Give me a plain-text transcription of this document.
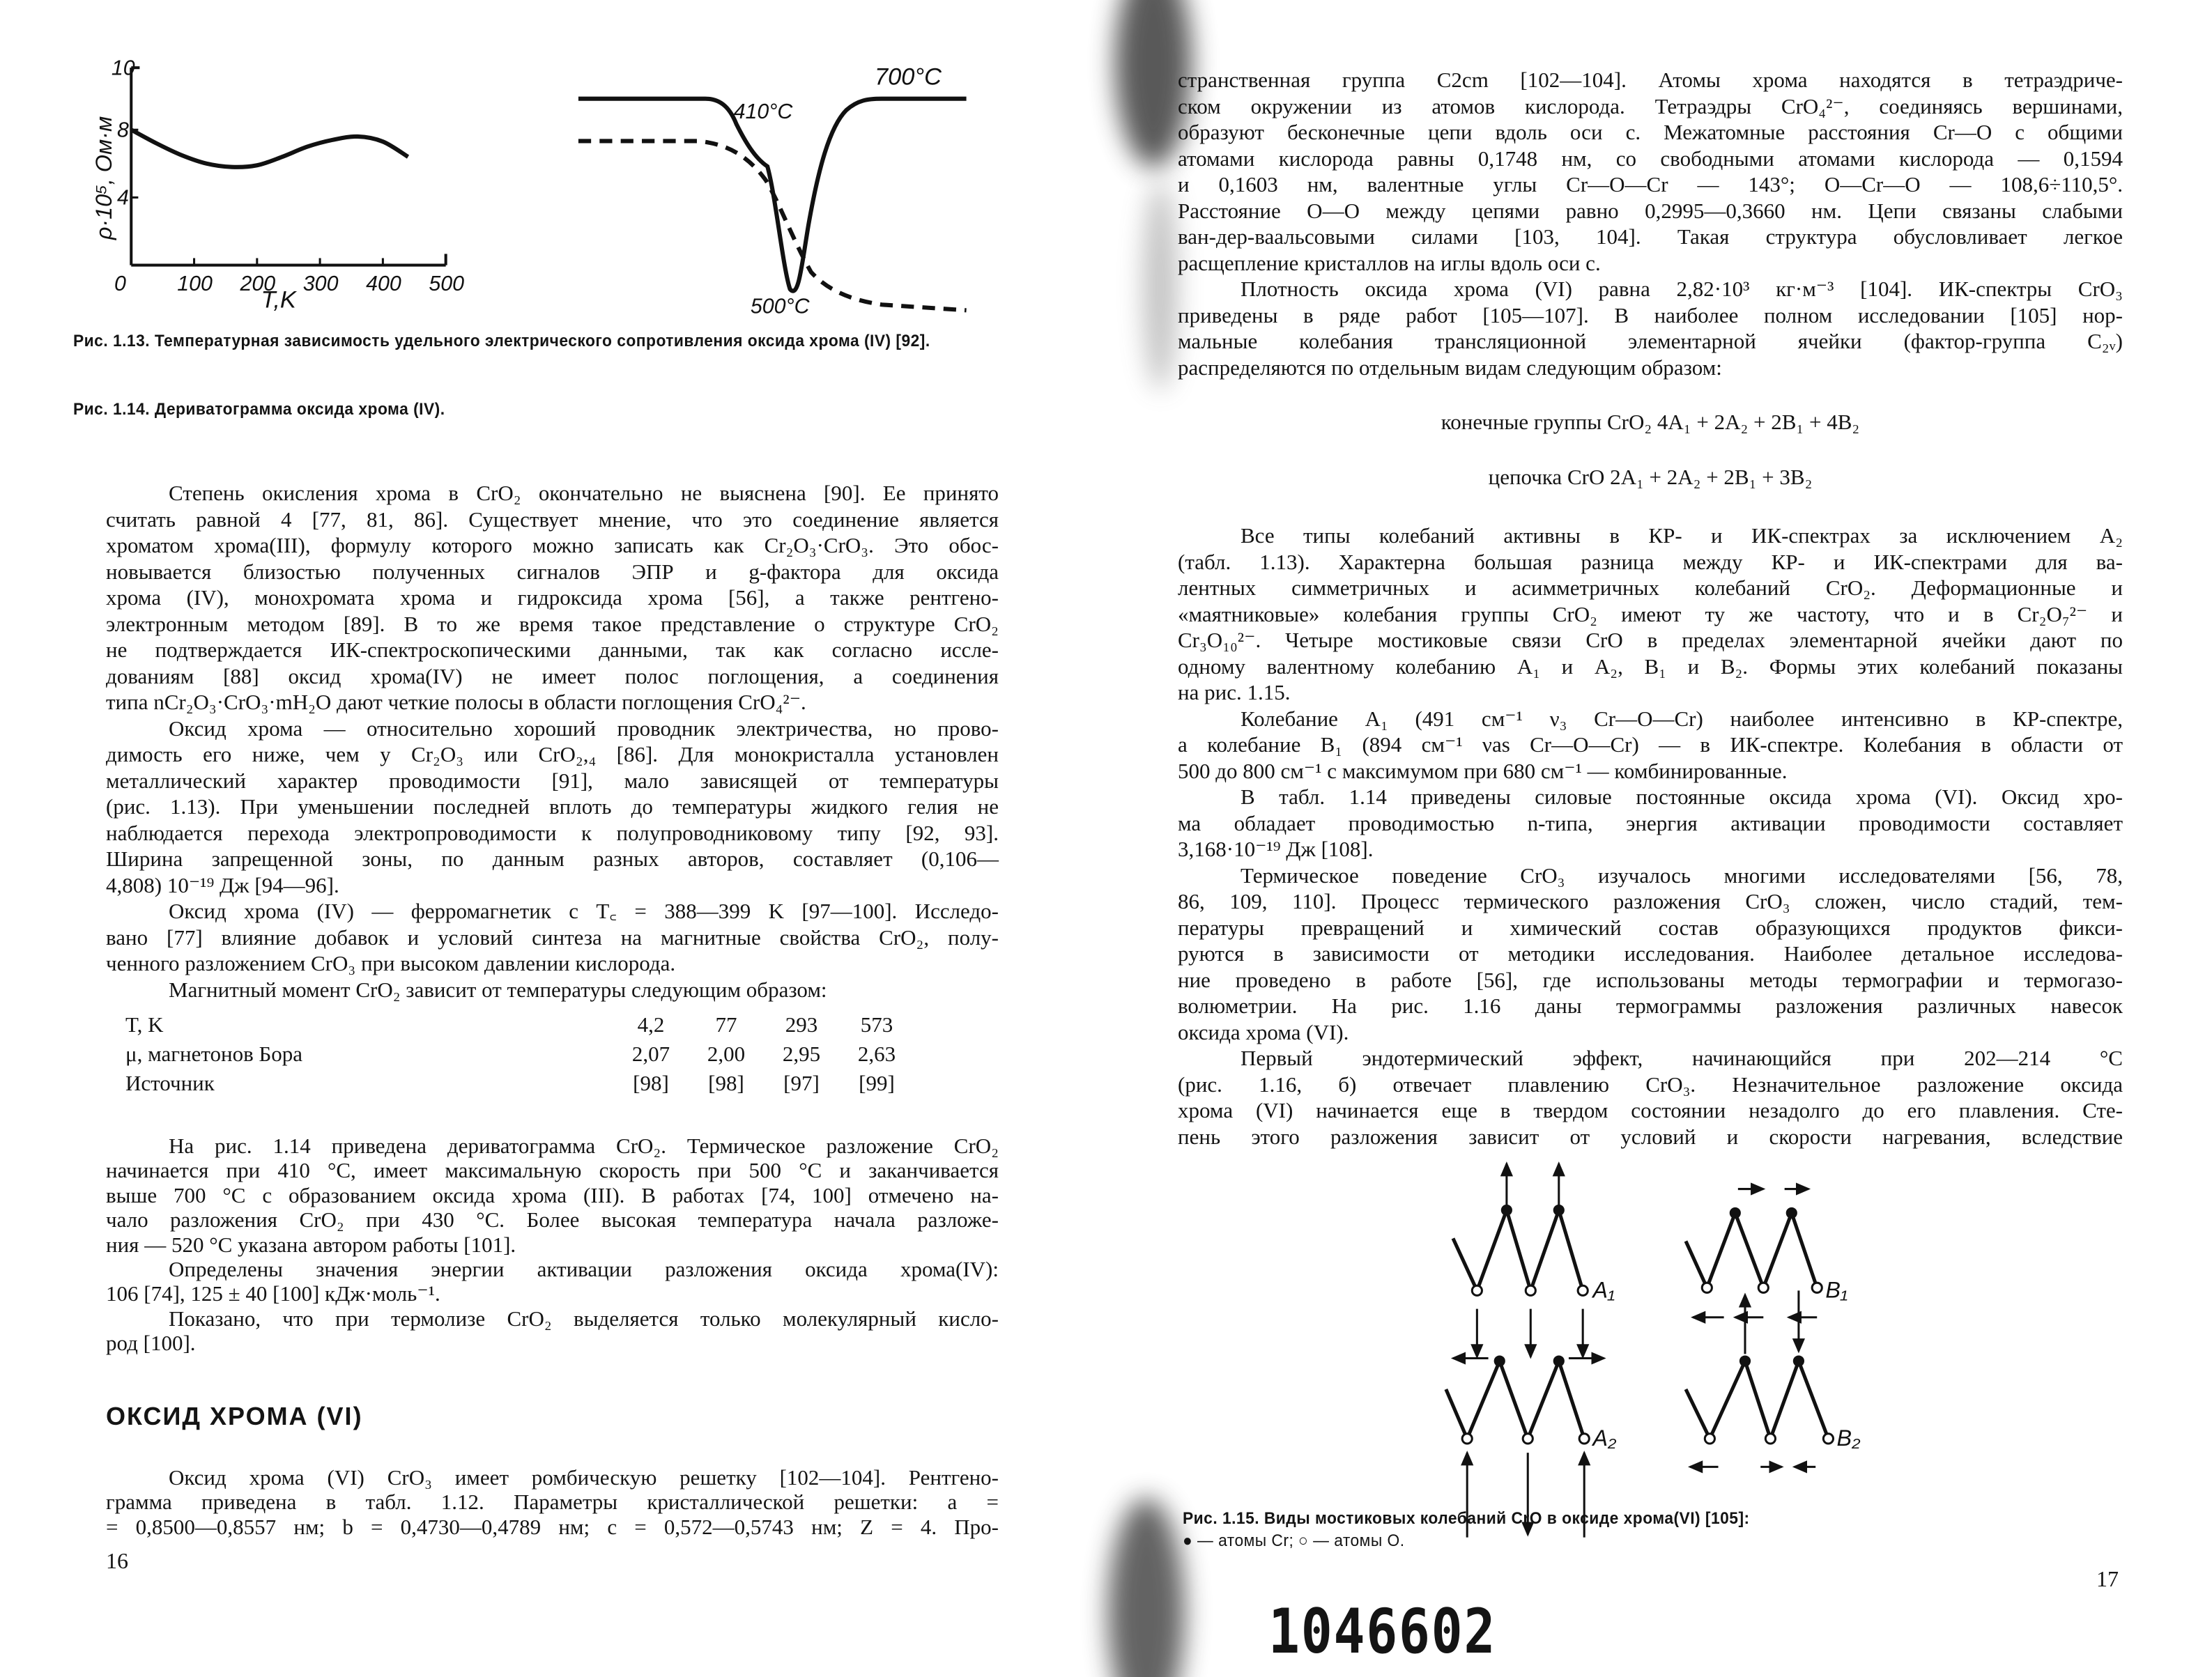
0	100	200	300	400	500
4
8
10
T,K
ρ·10⁵, Ом·м
410°C
500°C
700°C
A₁	B₁
A₂	B₂
Рис. 1.13. Температурная зависимость удельного электрического сопротивления оксида хрома (IV) [92].
Рис. 1.14. Дериватограмма оксида хрома (IV).
Степень окисления хрома в CrO₂ окончательно не выяснена [90]. Ее принято
считать равной 4 [77, 81, 86]. Существует мнение, что это соединение является
хроматом хрома(III), формулу которого можно записать как Cr₂O₃·CrO₃. Это обос-
новывается близостью полученных сигналов ЭПР и g-фактора для оксида
хрома (IV), монохромата хрома и гидроксида хрома [56], а также рентгено-
электронным методом [89]. В то же время такое представление о структуре CrO₂
не подтверждается ИК-спектроскопическими данными, так как согласно иссле-
дованиям [88] оксид хрома(IV) не имеет полос поглощения, а соединения
типа nCr₂O₃·CrO₃·mH₂O дают четкие полосы в области поглощения CrO₄²⁻.
Оксид хрома — относительно хороший проводник электричества, но прово-
димость его ниже, чем у Cr₂O₃ или CrO₂,₄ [86]. Для монокристалла установлен
металлический характер проводимости [91], мало зависящей от температуры
(рис. 1.13). При уменьшении последней вплоть до температуры жидкого гелия не
наблюдается перехода электропроводимости к полупроводниковому типу [92, 93].
Ширина запрещенной зоны, по данным разных авторов, составляет (0,106—
4,808) 10⁻¹⁹ Дж [94—96].
Оксид хрома (IV) — ферромагнетик с T꜀ = 388—399 K [97—100]. Исследо-
вано [77] влияние добавок и условий синтеза на магнитные свойства CrO₂, полу-
ченного разложением CrO₃ при высоком давлении кислорода.
Магнитный момент CrO₂ зависит от температуры следующим образом:
T, K	4,2	77	293	573
μ, магнетонов Бора	2,07	2,00	2,95	2,63
Источник	[98]	[98]	[97]	[99]
На рис. 1.14 приведена дериватограмма CrO₂. Термическое разложение CrO₂
начинается при 410 °C, имеет максимальную скорость при 500 °C и заканчивается
выше 700 °C с образованием оксида хрома (III). В работах [74, 100] отмечено на-
чало разложения CrO₂ при 430 °C. Более высокая температура начала разложе-
ния — 520 °C указана автором работы [101].
Определены значения энергии активации разложения оксида хрома(IV):
106 [74], 125 ± 40 [100] кДж·моль⁻¹.
Показано, что при термолизе CrO₂ выделяется только молекулярный кисло-
род [100].
ОКСИД ХРОМА (VI)
Оксид хрома (VI) CrO₃ имеет ромбическую решетку [102—104]. Рентгено-
грамма приведена в табл. 1.12. Параметры кристаллической решетки: a =
= 0,8500—0,8557 нм; b = 0,4730—0,4789 нм; c = 0,572—0,5743 нм; Z = 4. Про-
16
странственная группа C2cm [102—104]. Атомы хрома находятся в тетраэдриче-
ском окружении из атомов кислорода. Тетраэдры CrO₄²⁻, соединяясь вершинами,
образуют бесконечные цепи вдоль оси c. Межатомные расстояния Cr—O с общими
атомами кислорода равны 0,1748 нм, со свободными атомами кислорода — 0,1594
и 0,1603 нм, валентные углы Cr—O—Cr — 143°; O—Cr—O — 108,6÷110,5°.
Расстояние O—O между цепями равно 0,2995—0,3660 нм. Цепи связаны слабыми
ван-дер-ваальсовыми силами [103, 104]. Такая структура обусловливает легкое
расщепление кристаллов на иглы вдоль оси c.
Плотность оксида хрома (VI) равна 2,82·10³ кг·м⁻³ [104]. ИК-спектры CrO₃
приведены в ряде работ [105—107]. В наиболее полном исследовании [105] нор-
мальные колебания трансляционной элементарной ячейки (фактор-группа C₂ᵥ)
распределяются по отдельным видам следующим образом:
конечные группы CrO₂ 4A₁ + 2A₂ + 2B₁ + 4B₂
цепочка CrO 2A₁ + 2A₂ + 2B₁ + 3B₂
Все типы колебаний активны в КР- и ИК-спектрах за исключением A₂
(табл. 1.13). Характерна большая разница между КР- и ИК-спектрами для ва-
лентных симметричных и асимметричных колебаний CrO₂. Деформационные и
«маятниковые» колебания группы CrO₂ имеют ту же частоту, что и в Cr₂O₇²⁻ и
Cr₃O₁₀²⁻. Четыре мостиковые связи CrO в пределах элементарной ячейки дают по
одному валентному колебанию A₁ и A₂, B₁ и B₂. Формы этих колебаний показаны
на рис. 1.15.
Колебание A₁ (491 см⁻¹ ν₃ Cr—O—Cr) наиболее интенсивно в КР-спектре,
а колебание B₁ (894 см⁻¹ νas Cr—O—Cr) — в ИК-спектре. Колебания в области от
500 до 800 см⁻¹ с максимумом при 680 см⁻¹ — комбинированные.
В табл. 1.14 приведены силовые постоянные оксида хрома (VI). Оксид хро-
ма обладает проводимостью n-типа, энергия активации проводимости составляет
3,168·10⁻¹⁹ Дж [108].
Термическое поведение CrO₃ изучалось многими исследователями [56, 78,
86, 109, 110]. Процесс термического разложения CrO₃ сложен, число стадий, тем-
пературы превращений и химический состав образующихся продуктов фикси-
руются в зависимости от методики исследования. Наиболее детальное исследова-
ние проведено в работе [56], где использованы методы термографии и термогазо-
волюметрии. На рис. 1.16 даны термограммы разложения различных навесок
оксида хрома (VI).
Первый эндотермический эффект, начинающийся при 202—214 °C
(рис. 1.16, б) отвечает плавлению CrO₃. Незначительное разложение оксида
хрома (VI) начинается еще в твердом состоянии незадолго до его плавления. Сте-
пень этого разложения зависит от условий и скорости нагревания, вследствие
Рис. 1.15. Виды мостиковых колебаний CrO в оксиде хрома(VI) [105]:
● — атомы Cr; ○ — атомы O.
17
1046602
